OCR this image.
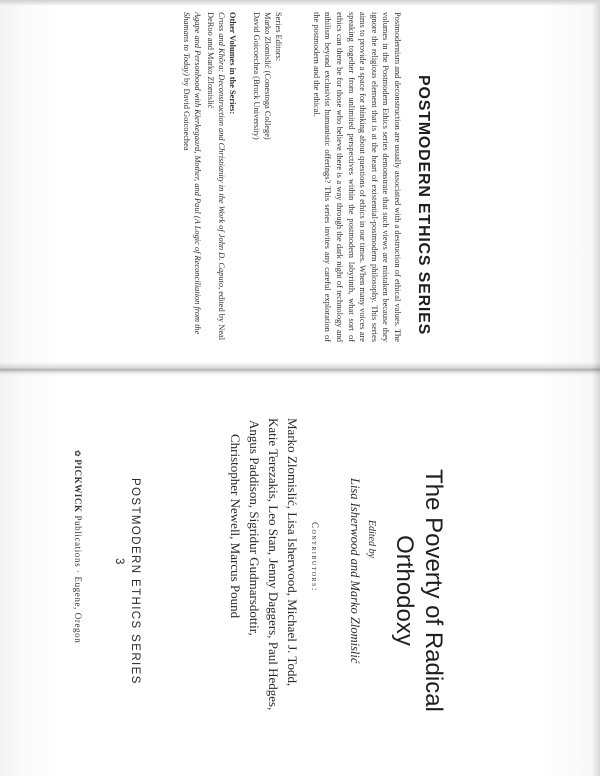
POSTMODERN ETHICS SERIES

Postmodernism and deconstruction are usually associated with a destruction of ethical values. The volumes in the Postmodern Ethics series demonstrate that such views are mistaken because they ignore the religious element that is at the heart of existential-postmodern philosophy. This series aims to provide a space for thinking about questions of ethics in our times. When many voices are speaking together from unlimited perspectives within the postmodern labyrinth, what sort of ethics can there be for those who believe there is a way through the dark night of technology and nihilism beyond exclusivist humanistic offerings? This series invites any careful exploration of the postmodern and the ethical.

Series Editors:
Marko Zlomislić (Conestoga College)
David Goicoechea (Brock University)
Other Volumes in the Series:
Cross and Khôra: Deconstruction and Christianity in the Work of John D. Caputo, edited by Neal DeRoo and Marko Zlomislić
Agape and Personhood with Kierkegaard, Mother, and Paul (A Logic of Reconciliation from the Shamans to Today) by David Goicoechea
The Poverty of Radical
Orthodoxy
Edited by
Lisa Isherwood and Marko Zlomislić
Contributors:
Marko Zlomislić, Lisa Isherwood, Michael J. Todd,
Katie Terezakis, Leo Stan, Jenny Daggers, Paul Hedges,
Angus Paddison, Sigridur Gudmarsdottir,
Christopher Newell, Marcus Pound
POSTMODERN ETHICS SERIES
3
✿PICKWICK Publications · Eugene, Oregon
